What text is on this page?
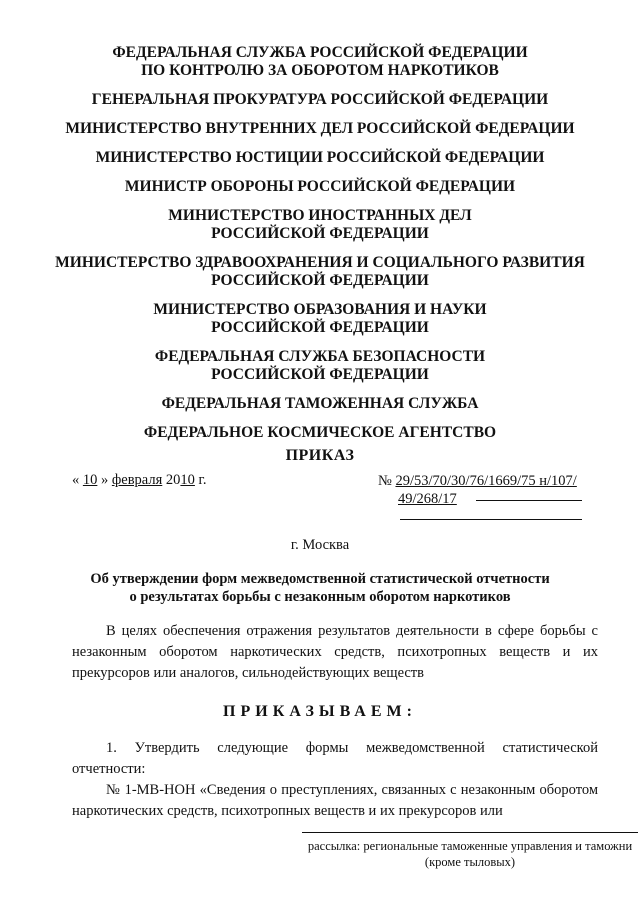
ФЕДЕРАЛЬНАЯ СЛУЖБА РОССИЙСКОЙ ФЕДЕРАЦИИ
ПО КОНТРОЛЮ ЗА ОБОРОТОМ НАРКОТИКОВ
ГЕНЕРАЛЬНАЯ ПРОКУРАТУРА РОССИЙСКОЙ ФЕДЕРАЦИИ
МИНИСТЕРСТВО ВНУТРЕННИХ ДЕЛ РОССИЙСКОЙ ФЕДЕРАЦИИ
МИНИСТЕРСТВО ЮСТИЦИИ РОССИЙСКОЙ ФЕДЕРАЦИИ
МИНИСТР ОБОРОНЫ РОССИЙСКОЙ ФЕДЕРАЦИИ
МИНИСТЕРСТВО ИНОСТРАННЫХ ДЕЛ
РОССИЙСКОЙ ФЕДЕРАЦИИ
МИНИСТЕРСТВО ЗДРАВООХРАНЕНИЯ И СОЦИАЛЬНОГО РАЗВИТИЯ
РОССИЙСКОЙ ФЕДЕРАЦИИ
МИНИСТЕРСТВО ОБРАЗОВАНИЯ И НАУКИ
РОССИЙСКОЙ ФЕДЕРАЦИИ
ФЕДЕРАЛЬНАЯ СЛУЖБА БЕЗОПАСНОСТИ
РОССИЙСКОЙ ФЕДЕРАЦИИ
ФЕДЕРАЛЬНАЯ ТАМОЖЕННАЯ СЛУЖБА
ФЕДЕРАЛЬНОЕ КОСМИЧЕСКОЕ АГЕНТСТВО
ПРИКАЗ
« 10 » февраля 2010 г.	№ 29/53/70/30/76/1669/75 н/107/
49/268/17
г. Москва
Об утверждении форм межведомственной статистической отчетности
о результатах борьбы с незаконным оборотом наркотиков
В целях обеспечения отражения результатов деятельности в сфере борьбы с незаконным оборотом наркотических средств, психотропных веществ и их прекурсоров или аналогов, сильнодействующих веществ
ПРИКАЗЫВАЕМ:
1. Утвердить следующие формы межведомственной статистической отчетности:
№ 1-МВ-НОН «Сведения о преступлениях, связанных с незаконным оборотом наркотических средств, психотропных веществ и их прекурсоров или
рассылка: региональные таможенные управления и таможни
(кроме тыловых)
